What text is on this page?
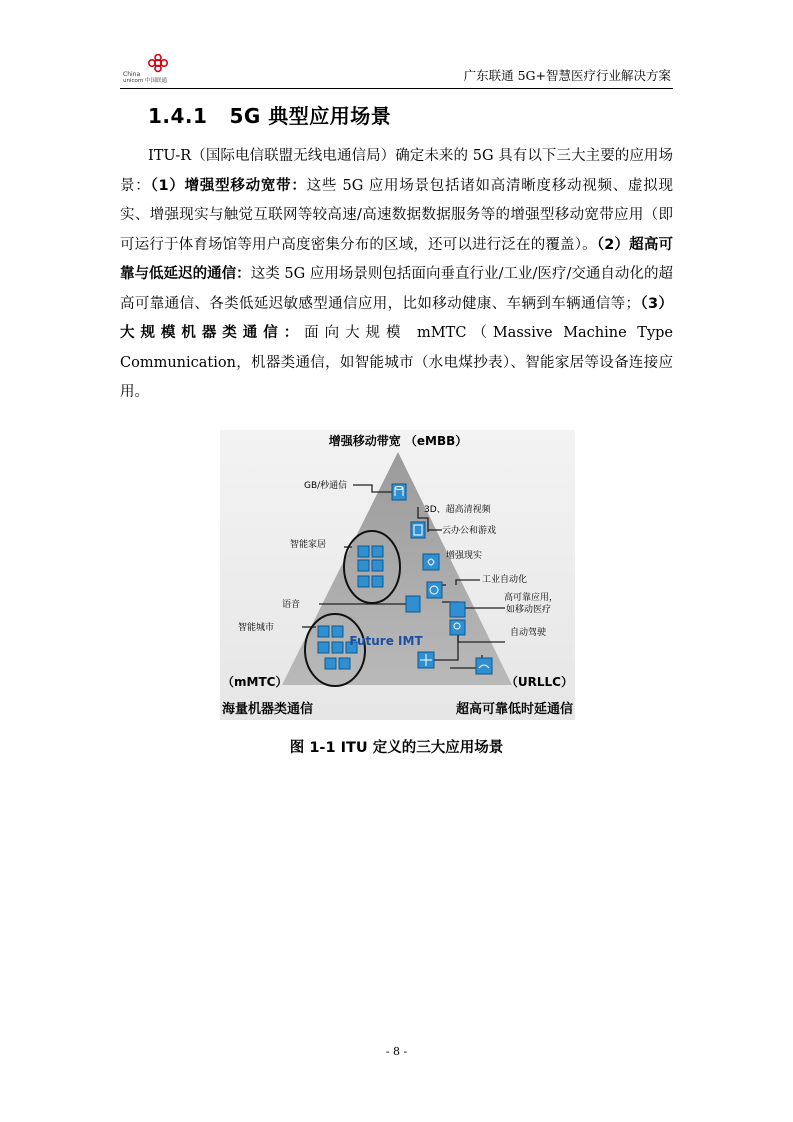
China
unicom 中国联通	广东联通 5G+智慧医疗行业解决方案
1.4.1 5G 典型应用场景
ITU-R（国际电信联盟无线电通信局）确定未来的 5G 具有以下三大主要的应用场景：（1）增强型移动宽带：这些 5G 应用场景包括诸如高清晰度移动视频、虚拟现实、增强现实与触觉互联网等较高速/高速数据数据服务等的增强型移动宽带应用（即可运行于体育场馆等用户高度密集分布的区域，还可以进行泛在的覆盖）。（2）超高可靠与低延迟的通信：这类 5G 应用场景则包括面向垂直行业/工业/医疗/交通自动化的超高可靠通信、各类低延迟敏感型通信应用，比如移动健康、车辆到车辆通信等；（3）大规模机器类通信：面向大规模 mMTC（Massive Machine Type Communication，机器类通信，如智能城市（水电煤抄表）、智能家居等设备连接应用。
增强移动带宽 （eMBB）
（mMTC）	（URLLC）
海量机器类通信	超高可靠低时延通信
Future IMT
GB/秒通信
3D、超高清视频
云办公和游戏
智能家居
增强现实
工业自动化
语音
高可靠应用，
如移动医疗
智能城市	自动驾驶
图 1-1 ITU 定义的三大应用场景
- 8 -
